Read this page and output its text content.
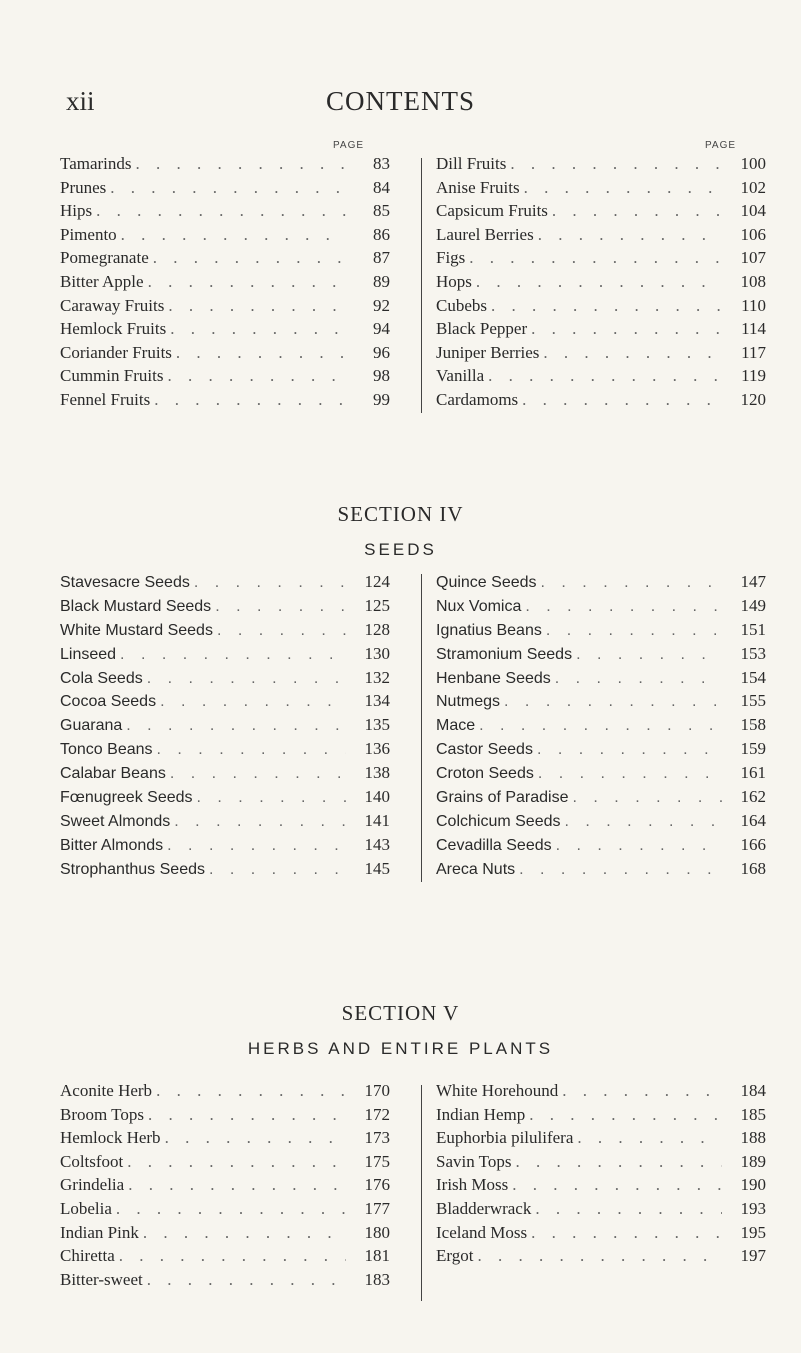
xii	CONTENTS
PAGE	PAGE
Tamarinds . . .	83
Prunes . . .	84
Hips . . .	85
Pimento . . .	86
Pomegranate . . .	87
Bitter Apple . . .	89
Caraway Fruits . . .	92
Hemlock Fruits . . .	94
Coriander Fruits . . .	96
Cummin Fruits . . .	98
Fennel Fruits . . .	99
Dill Fruits . . .	100
Anise Fruits . . .	102
Capsicum Fruits . . .	104
Laurel Berries . . .	106
Figs . . .	107
Hops . . .	108
Cubebs . . .	110
Black Pepper . . .	114
Juniper Berries . . .	117
Vanilla . . .	119
Cardamoms . . .	120
SECTION IV
SEEDS
Stavesacre Seeds . . .	124
Black Mustard Seeds . . .	125
White Mustard Seeds . . .	128
Linseed . . .	130
Cola Seeds . . .	132
Cocoa Seeds . . .	134
Guarana . . .	135
Tonco Beans . . .	136
Calabar Beans . . .	138
Fœnugreek Seeds . . .	140
Sweet Almonds . . .	141
Bitter Almonds . . .	143
Strophanthus Seeds . . .	145
Quince Seeds . . .	147
Nux Vomica . . .	149
Ignatius Beans . . .	151
Stramonium Seeds . . .	153
Henbane Seeds . . .	154
Nutmegs . . .	155
Mace . . .	158
Castor Seeds . . .	159
Croton Seeds . . .	161
Grains of Paradise . . .	162
Colchicum Seeds . . .	164
Cevadilla Seeds . . .	166
Areca Nuts . . .	168
SECTION V
HERBS AND ENTIRE PLANTS
Aconite Herb . . .	170
Broom Tops . . .	172
Hemlock Herb . . .	173
Coltsfoot . . .	175
Grindelia . . .	176
Lobelia . . .	177
Indian Pink . . .	180
Chiretta . . .	181
Bitter-sweet . . .	183
White Horehound . . .	184
Indian Hemp . . .	185
Euphorbia pilulifera . . .	188
Savin Tops . . .	189
Irish Moss . . .	190
Bladderwrack . . .	193
Iceland Moss . . .	195
Ergot . . .	197
